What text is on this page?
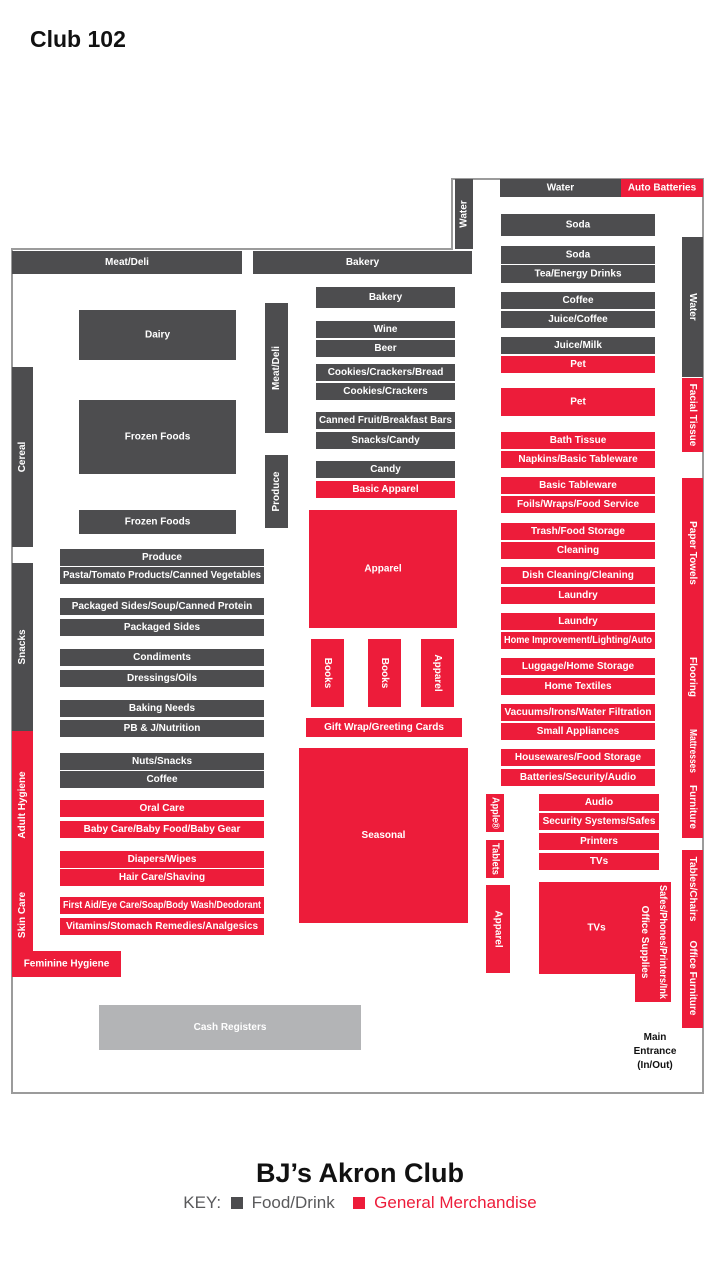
Club 102
Water	Auto Batteries
Water	Soda
Soda
Tea/Energy Drinks
Meat/Deli	Bakery
Water
Bakery	Coffee
Juice/Coffee
Dairy
Meat/Deli
Wine
Beer	Juice/Milk
Pet
Cookies/Crackers/Bread
Cookies/Crackers	Facial Tissue
Cereal
Pet
Canned Fruit/Breakfast Bars
Frozen Foods	Snacks/Candy	Bath Tissue
Napkins/Basic Tableware
Produce
Candy
Basic Apparel	Basic Tableware
Foils/Wraps/Food Service
Frozen Foods
Trash/Food Storage	Paper Towels
Cleaning
Produce
Apparel
Pasta/Tomato Products/Canned Vegetables	Dish Cleaning/Cleaning
Laundry
Packaged Sides/Soup/Canned Protein
Snacks
Packaged Sides
Laundry
Home Improvement/Lighting/Auto
Condiments
Books	Books	Apparel	Luggage/Home Storage	Flooring
Dressings/Oils
Home Textiles
Baking Needs	Vacuums/Irons/Water Filtration
PB & J/Nutrition	Gift Wrap/Greeting Cards	Small Appliances	Mattresses
Housewares/Food Storage
Nuts/Snacks
Coffee	Batteries/Security/Audio
Adult Hygiene	Apple®	Audio
Oral Care	Furniture
Security Systems/Safes
Baby Care/Baby Food/Baby Gear
Seasonal
Tablets
Printers
Tables/Chairs
Diapers/Wipes	TVs
Hair Care/Shaving
Safes/Phones/Printers/Ink
Skin Care	First Aid/Eye Care/Soap/Body Wash/Deodorant
Apparel	TVs	Office Supplies
Vitamins/Stomach Remedies/Analgesics
Office Furniture
Feminine Hygiene
Cash Registers
Main
Entrance
(In/Out)
BJ’s Akron Club
KEY: Food/Drink General Merchandise
